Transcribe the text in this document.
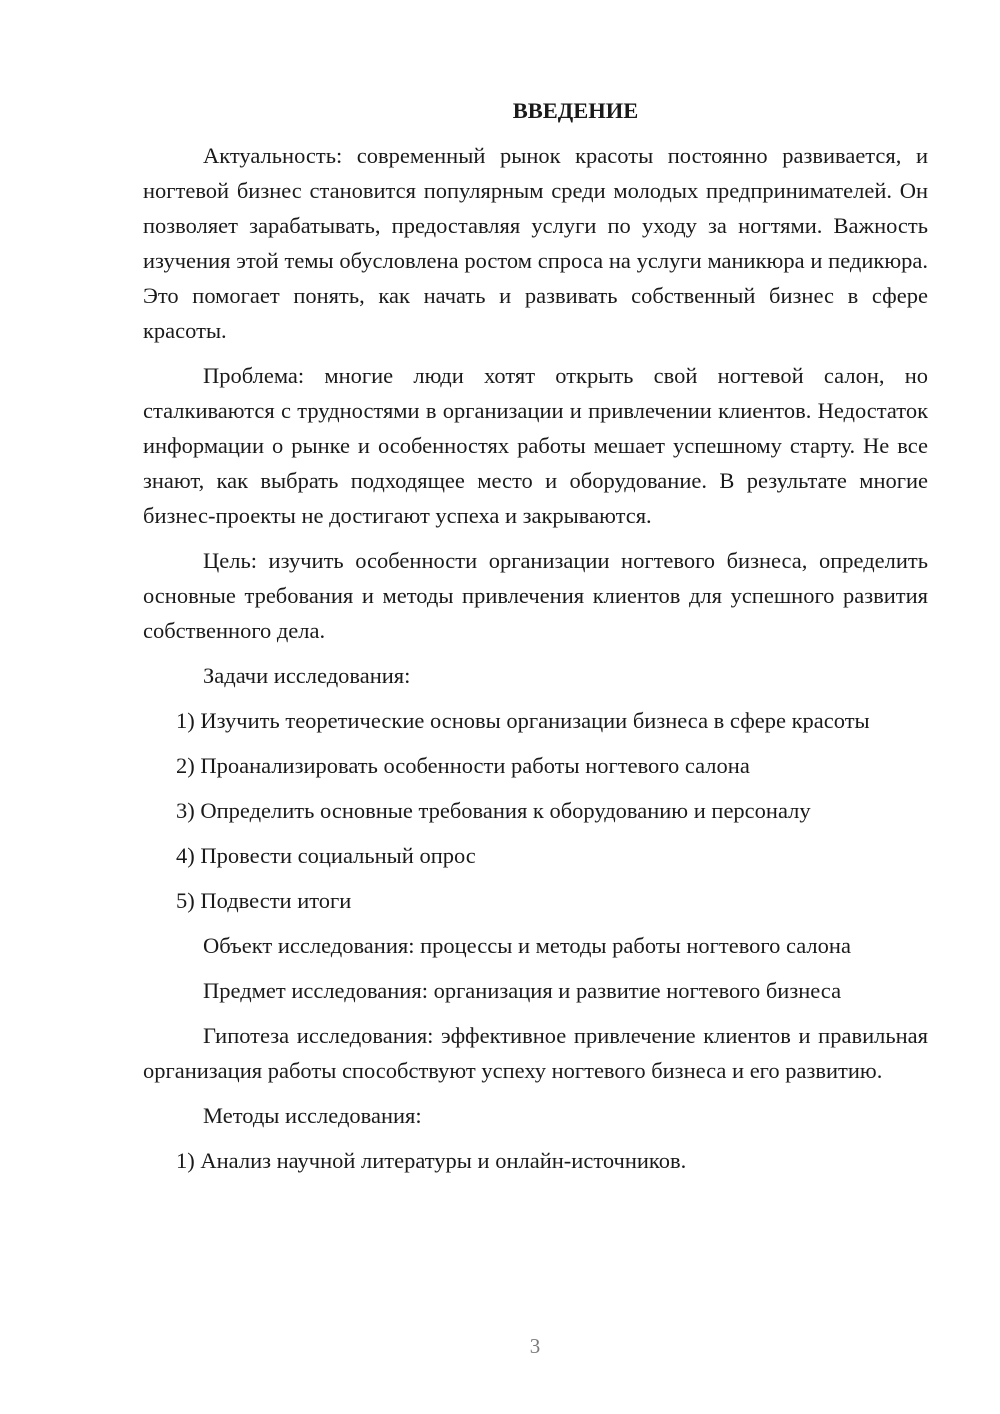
ВВЕДЕНИЕ

Актуальность: современный рынок красоты постоянно развивается, и ногтевой бизнес становится популярным среди молодых предпринимателей. Он позволяет зарабатывать, предоставляя услуги по уходу за ногтями. Важность изучения этой темы обусловлена ростом спроса на услуги маникюра и педикюра. Это помогает понять, как начать и развивать собственный бизнес в сфере красоты.

Проблема: многие люди хотят открыть свой ногтевой салон, но сталкиваются с трудностями в организации и привлечении клиентов. Недостаток информации о рынке и особенностях работы мешает успешному старту. Не все знают, как выбрать подходящее место и оборудование. В результате многие бизнес-проекты не достигают успеха и закрываются.

Цель: изучить особенности организации ногтевого бизнеса, определить основные требования и методы привлечения клиентов для успешного развития собственного дела.

Задачи исследования:

1) Изучить теоретические основы организации бизнеса в сфере красоты

2) Проанализировать особенности работы ногтевого салона

3) Определить основные требования к оборудованию и персоналу

4) Провести социальный опрос

5) Подвести итоги

Объект исследования: процессы и методы работы ногтевого салона

Предмет исследования: организация и развитие ногтевого бизнеса

Гипотеза исследования: эффективное привлечение клиентов и правильная организация работы способствуют успеху ногтевого бизнеса и его развитию.

Методы исследования:

1) Анализ научной литературы и онлайн-источников.

3
